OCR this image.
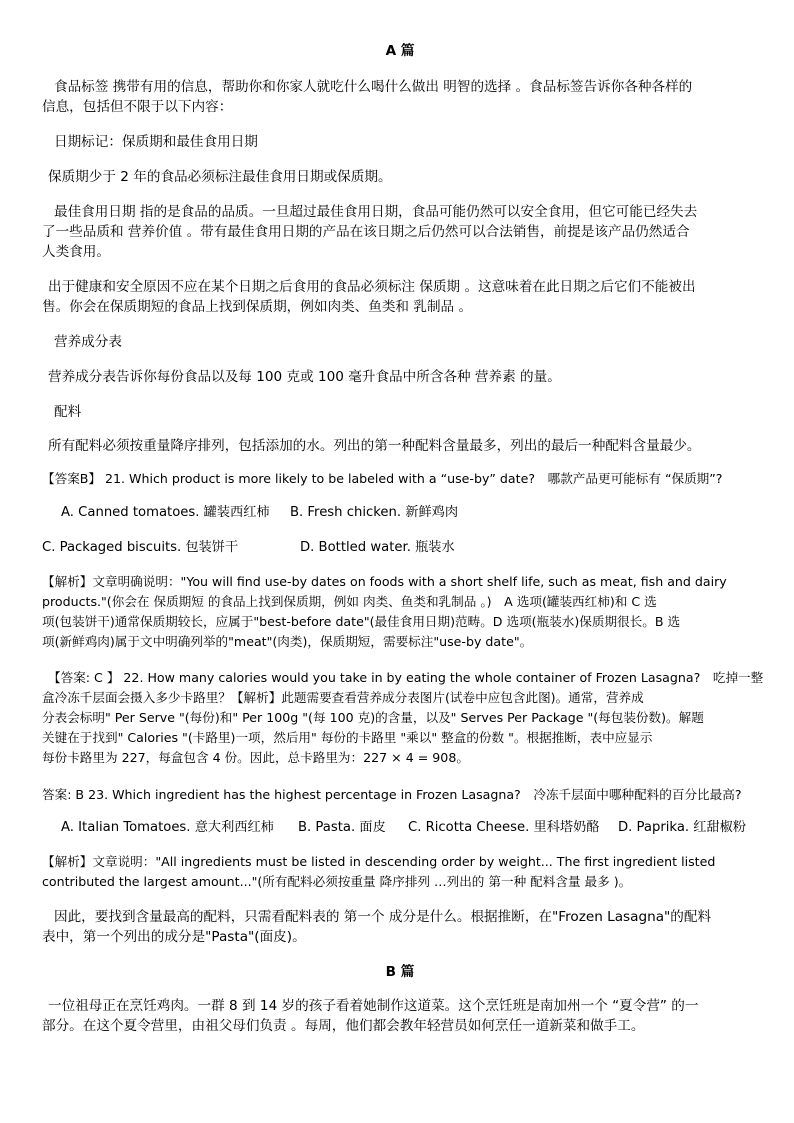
A 篇
食品标签 携带有用的信息，帮助你和你家人就吃什么喝什么做出 明智的选择 。食品标签告诉你各种各样的
信息，包括但不限于以下内容：
日期标记：保质期和最佳食用日期
保质期少于 2 年的食品必须标注最佳食用日期或保质期。
最佳食用日期 指的是食品的品质。一旦超过最佳食用日期，食品可能仍然可以安全食用，但它可能已经失去
了一些品质和 营养价值 。带有最佳食用日期的产品在该日期之后仍然可以合法销售，前提是该产品仍然适合
人类食用。
出于健康和安全原因不应在某个日期之后食用的食品必须标注 保质期 。这意味着在此日期之后它们不能被出
售。你会在保质期短的食品上找到保质期，例如肉类、鱼类和 乳制品 。
营养成分表
营养成分表告诉你每份食品以及每 100 克或 100 毫升食品中所含各种 营养素 的量。
配料
所有配料必须按重量降序排列，包括添加的水。列出的第一种配料含量最多，列出的最后一种配料含量最少。
【答案B】 21. Which product is more likely to be labeled with a “use-by” date?　哪款产品更可能标有 “保质期”?
A. Canned tomatoes. 罐装西红柿 B. Fresh chicken. 新鲜鸡肉
C. Packaged biscuits. 包装饼干	D. Bottled water. 瓶装水
【解析】文章明确说明："You will find use-by dates on foods with a short shelf life, such as meat, fish and dairy
products."(你会在 保质期短 的食品上找到保质期，例如 肉类、鱼类和乳制品 。)　A 选项(罐装西红柿)和 C 选
项(包装饼干)通常保质期较长，应属于"best-before date"(最佳食用日期)范畴。D 选项(瓶装水)保质期很长。B 选
项(新鲜鸡肉)属于文中明确列举的"meat"(肉类)，保质期短，需要标注"use-by date"。
【答案: C 】 22. How many calories would you take in by eating the whole container of Frozen Lasagna?　吃掉一整
盒冷冻千层面会摄入多少卡路里？【解析】此题需要查看营养成分表图片(试卷中应包含此图)。通常，营养成
分表会标明" Per Serve "(每份)和" Per 100g "(每 100 克)的含量，以及" Serves Per Package "(每包装份数)。解题
关键在于找到" Calories "(卡路里)一项，然后用" 每份的卡路里 "乘以" 整盒的份数 "。根据推断，表中应显示
每份卡路里为 227，每盒包含 4 份。因此，总卡路里为：227 × 4 = 908。
答案: B 23. Which ingredient has the highest percentage in Frozen Lasagna?　冷冻千层面中哪种配料的百分比最高?
A. Italian Tomatoes. 意大利西红柿 B. Pasta. 面皮 C. Ricotta Cheese. 里科塔奶酪 D. Paprika. 红甜椒粉
【解析】文章说明："All ingredients must be listed in descending order by weight... The first ingredient listed
contributed the largest amount..."(所有配料必须按重量 降序排列 …列出的 第一种 配料含量 最多 )。
因此，要找到含量最高的配料，只需看配料表的 第一个 成分是什么。根据推断，在"Frozen Lasagna"的配料
表中，第一个列出的成分是"Pasta"(面皮)。
B 篇
一位祖母正在烹饪鸡肉。一群 8 到 14 岁的孩子看着她制作这道菜。这个烹饪班是南加州一个 “夏令营” 的一
部分。在这个夏令营里，由祖父母们负责 。每周，他们都会教年轻营员如何烹任一道新菜和做手工。
